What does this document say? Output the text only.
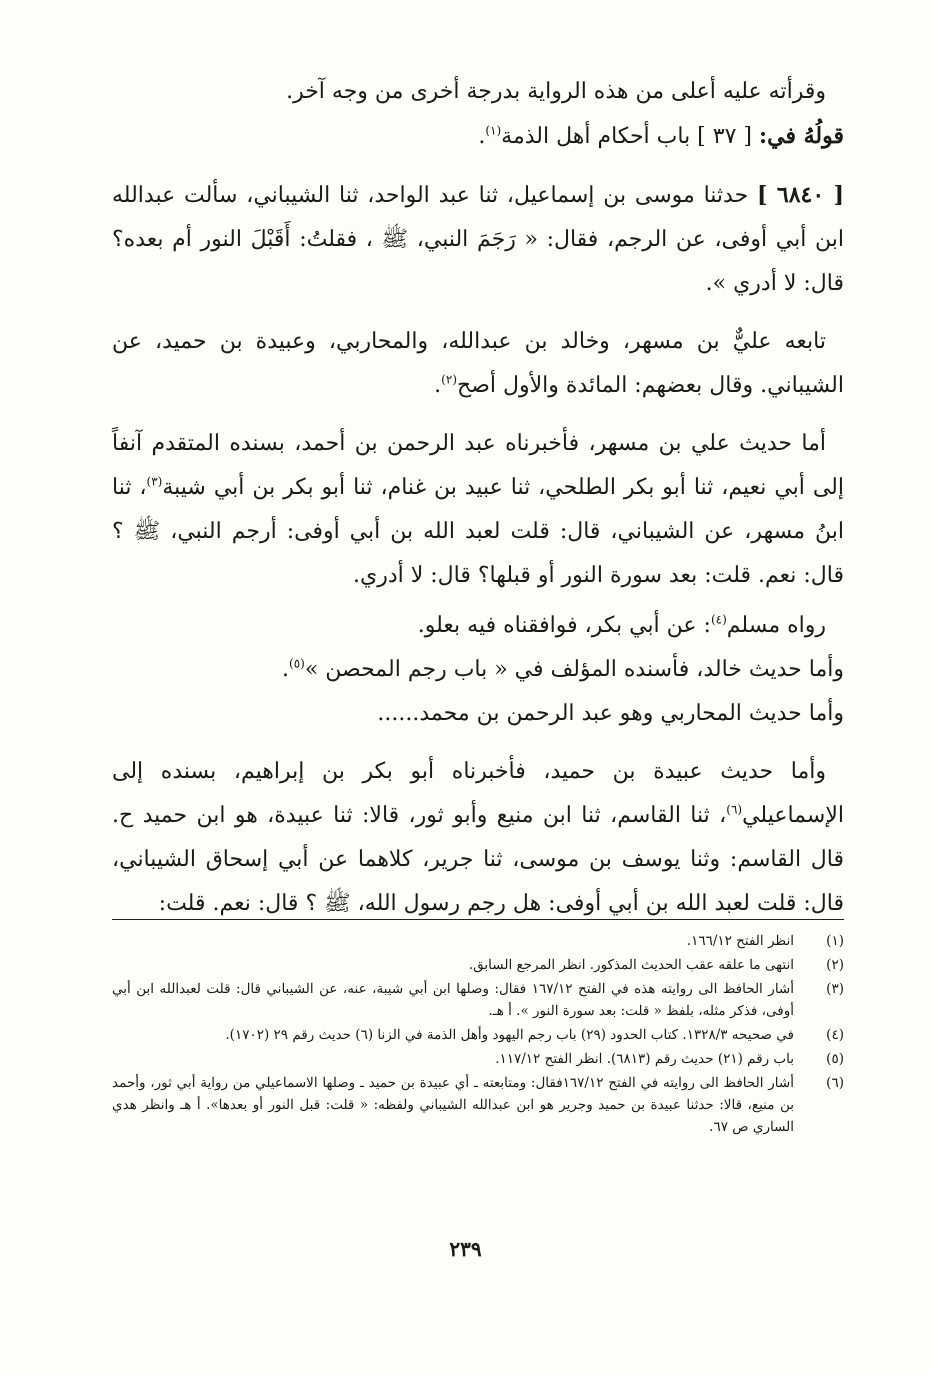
وقرأته عليه أعلى من هذه الرواية بدرجة أخرى من وجه آخر.
قولُهُ في: [ ٣٧ ] باب أحكام أهل الذمة$^{(١)}$.

[ ٦٨٤٠ ] حدثنا موسى بن إسماعيل، ثنا عبد الواحد، ثنا الشيباني، سألت عبدالله ابن أبي أوفى، عن الرجم، فقال: « رَجَمَ النبي، ﷺ ، فقلتُ: أَقَبْلَ النور أم بعده؟ قال: لا أدري ».

تابعه عليٌّ بن مسهر، وخالد بن عبدالله، والمحاربي، وعبيدة بن حميد، عن الشيباني. وقال بعضهم: المائدة والأول أصح$^{(٢)}$.

أما حديث علي بن مسهر، فأخبرناه عبد الرحمن بن أحمد، بسنده المتقدم آنفاً إلى أبي نعيم، ثنا أبو بكر الطلحي، ثنا عبيد بن غنام، ثنا أبو بكر بن أبي شيبة$^{(٣)}$، ثنا ابنُ مسهر، عن الشيباني، قال: قلت لعبد الله بن أبي أوفى: أرجم النبي، ﷺ ؟ قال: نعم. قلت: بعد سورة النور أو قبلها؟ قال: لا أدري.

رواه مسلم$^{(٤)}$: عن أبي بكر، فوافقناه فيه بعلو.
وأما حديث خالد، فأسنده المؤلف في « باب رجم المحصن »$^{(٥)}$.
وأما حديث المحاربي وهو عبد الرحمن بن محمد......

وأما حديث عبيدة بن حميد، فأخبرناه أبو بكر بن إبراهيم، بسنده إلى الإسماعيلي$^{(٦)}$، ثنا القاسم، ثنا ابن منيع وأبو ثور، قالا: ثنا عبيدة، هو ابن حميد ح. قال القاسم: وثنا يوسف بن موسى، ثنا جرير، كلاهما عن أبي إسحاق الشيباني، قال: قلت لعبد الله بن أبي أوفى: هل رجم رسول الله، ﷺ ؟ قال: نعم. قلت:

(١)
انظر الفتح ١٦٦/١٢.
(٢)
انتهى ما علقه عقب الحديث المذكور. انظر المرجع السابق.
(٣)
أشار الحافظ الى روايته هذه في الفتح ١٦٧/١٢ فقال: وصلها ابن أبي شيبة، عنه، عن الشيباني قال: قلت لعبدالله ابن أبي أوفى، فذكر مثله، بلفظ « قلت: بعد سورة النور ». أ هـ.
(٤)
في صحيحه ١٣٢٨/٣. كتاب الحدود (٢٩) باب رجم اليهود وأهل الذمة في الزنا (٦) حديث رقم ٢٩ (١٧٠٢).
(٥)
باب رقم (٢١) حديث رقم (٦٨١٣). انظر الفتح ١١٧/١٢.
(٦)
أشار الحافظ الى روايته في الفتح ١٦٧/١٢فقال: ومتابعته ـ أي عبيدة بن حميد ـ وصلها الاسماعيلي من رواية أبي ثور، وأحمد بن منيع، قالا: حدثنا عبيدة بن حميد وجرير هو ابن عبدالله الشيباني ولفظه: « قلت: قبل النور أو بعدها». أ هـ وانظر هدي الساري ص ٦٧.
٢٣٩
